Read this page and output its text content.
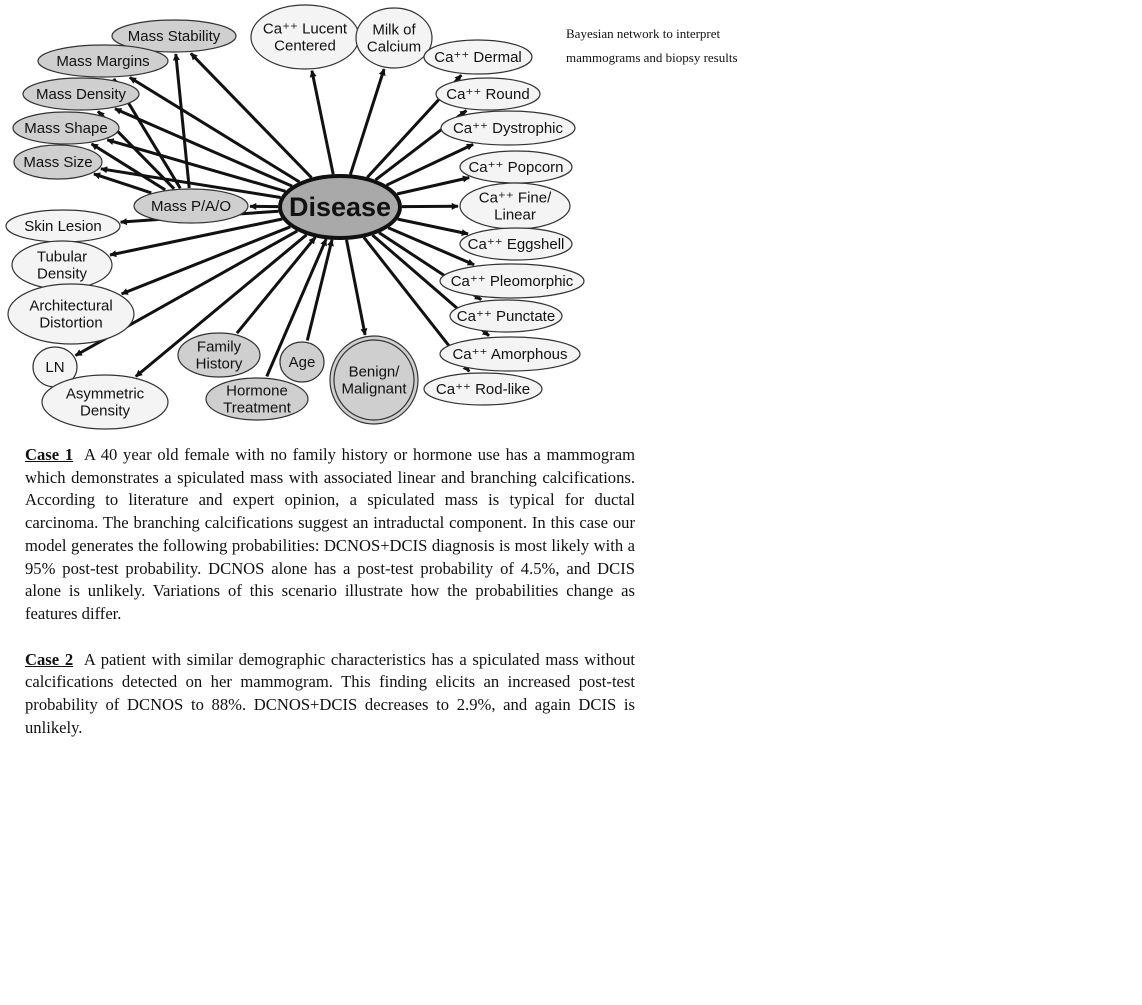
Mass Stability
Mass Margins
Mass Density
Mass Shape
Mass Size
Mass P/A/O
Ca⁺⁺ Lucent
Centered
Milk of
Calcium
Ca⁺⁺ Dermal
Ca⁺⁺ Round
Ca⁺⁺ Dystrophic
Ca⁺⁺ Popcorn
Ca⁺⁺ Fine/
Linear
Ca⁺⁺ Eggshell
Ca⁺⁺ Pleomorphic
Ca⁺⁺ Punctate
Ca⁺⁺ Amorphous
Ca⁺⁺ Rod-like
Skin Lesion
Tubular
Density
Architectural
Distortion
LN
Asymmetric
Density
Family
History	Age
Hormone
Treatment
Benign/
Malignant
Disease
Bayesian network to interpret
mammograms and biopsy results

Case 1 A 40 year old female with no family history or hormone use has a mammogram which demonstrates a spiculated mass with associated linear and branching calcifications. According to literature and expert opinion, a spiculated mass is typical for ductal carcinoma. The branching calcifications suggest an intraductal component. In this case our model generates the following probabilities: DCNOS+DCIS diagnosis is most likely with a 95% post-test probability. DCNOS alone has a post-test probability of 4.5%, and DCIS alone is unlikely. Variations of this scenario illustrate how the probabilities change as features differ.

Case 2 A patient with similar demographic characteristics has a spiculated mass without calcifications detected on her mammogram. This finding elicits an increased post-test probability of DCNOS to 88%. DCNOS+DCIS decreases to 2.9%, and again DCIS is unlikely.
